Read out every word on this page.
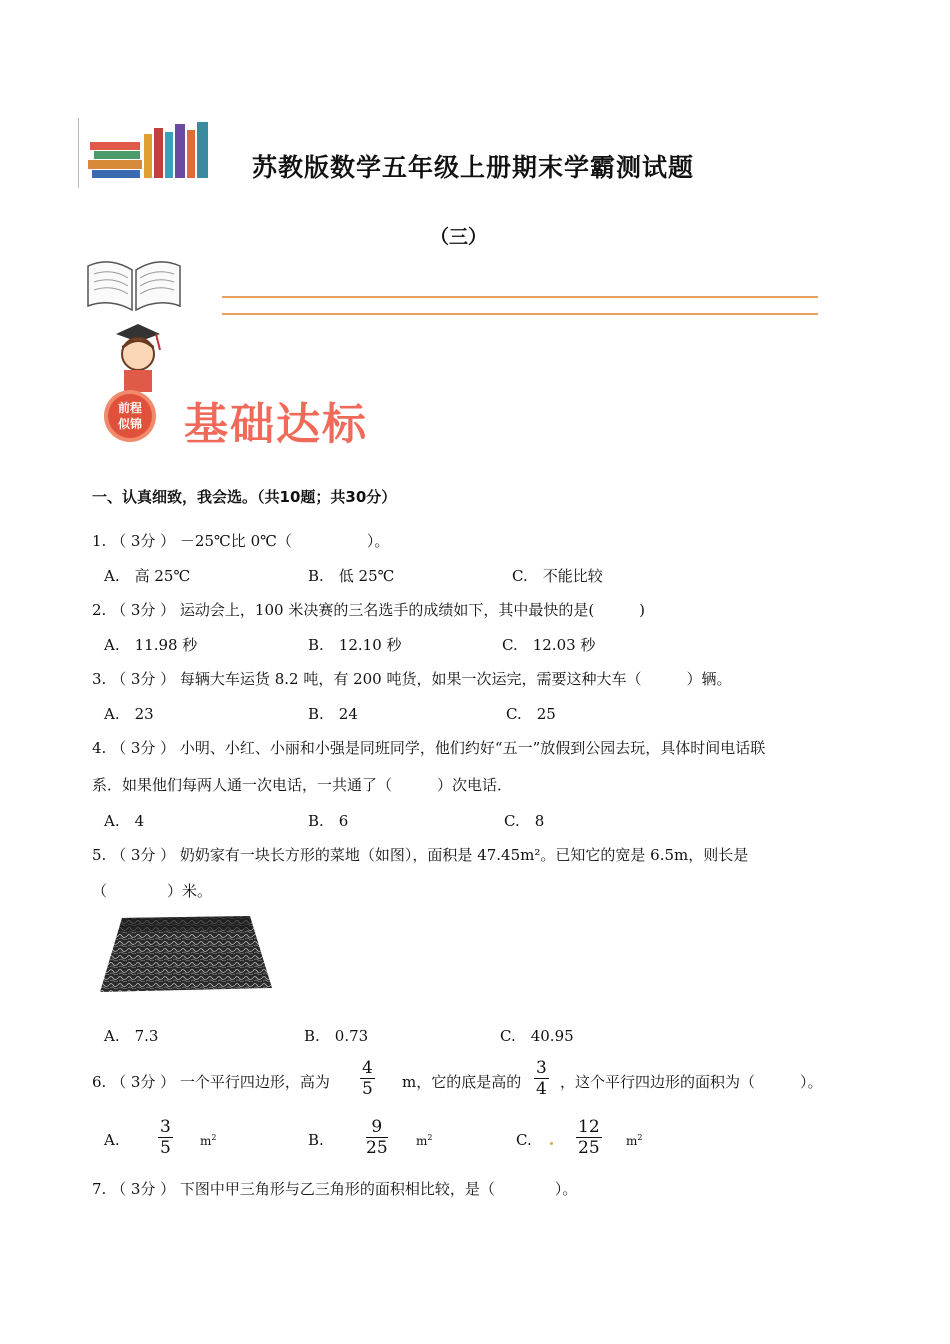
苏教版数学五年级上册期末学霸测试题
（三）
前程
似锦 基础达标
一、认真细致，我会选。（共10题；共30分）
1. （ 3分 ） －25℃比 0℃（　　　　　）。
A.　高 25℃	B.　低 25℃	C.　不能比较
2. （ 3分 ） 运动会上，100 米决赛的三名选手的成绩如下，其中最快的是(　　　)
A.　11.98 秒	B.　12.10 秒	C.　12.03 秒
3. （ 3分 ） 每辆大车运货 8.2 吨，有 200 吨货，如果一次运完，需要这种大车（　　　）辆。
A.　23	B.　24	C.　25
4. （ 3分 ） 小明、小红、小丽和小强是同班同学，他们约好“五一”放假到公园去玩，具体时间电话联
系．如果他们每两人通一次电话，一共通了（　　　）次电话．
A.　4	B.　6	C.　8
5. （ 3分 ） 奶奶家有一块长方形的菜地（如图），面积是 47.45m²。已知它的宽是 6.5m，则长是
（　　　　）米。
A.　7.3	B.　0.73	C.　40.95
6. （ 3分 ） 一个平行四边形，高为
4
5 m，它的底是高的
3
4 ，这个平行四边形的面积为（　　　）。
A.
3
5 $m^2$	B.
9
25 $m^2$	C.
12
25 $m^2$
7. （ 3分 ） 下图中甲三角形与乙三角形的面积相比较，是（　　　　）。
